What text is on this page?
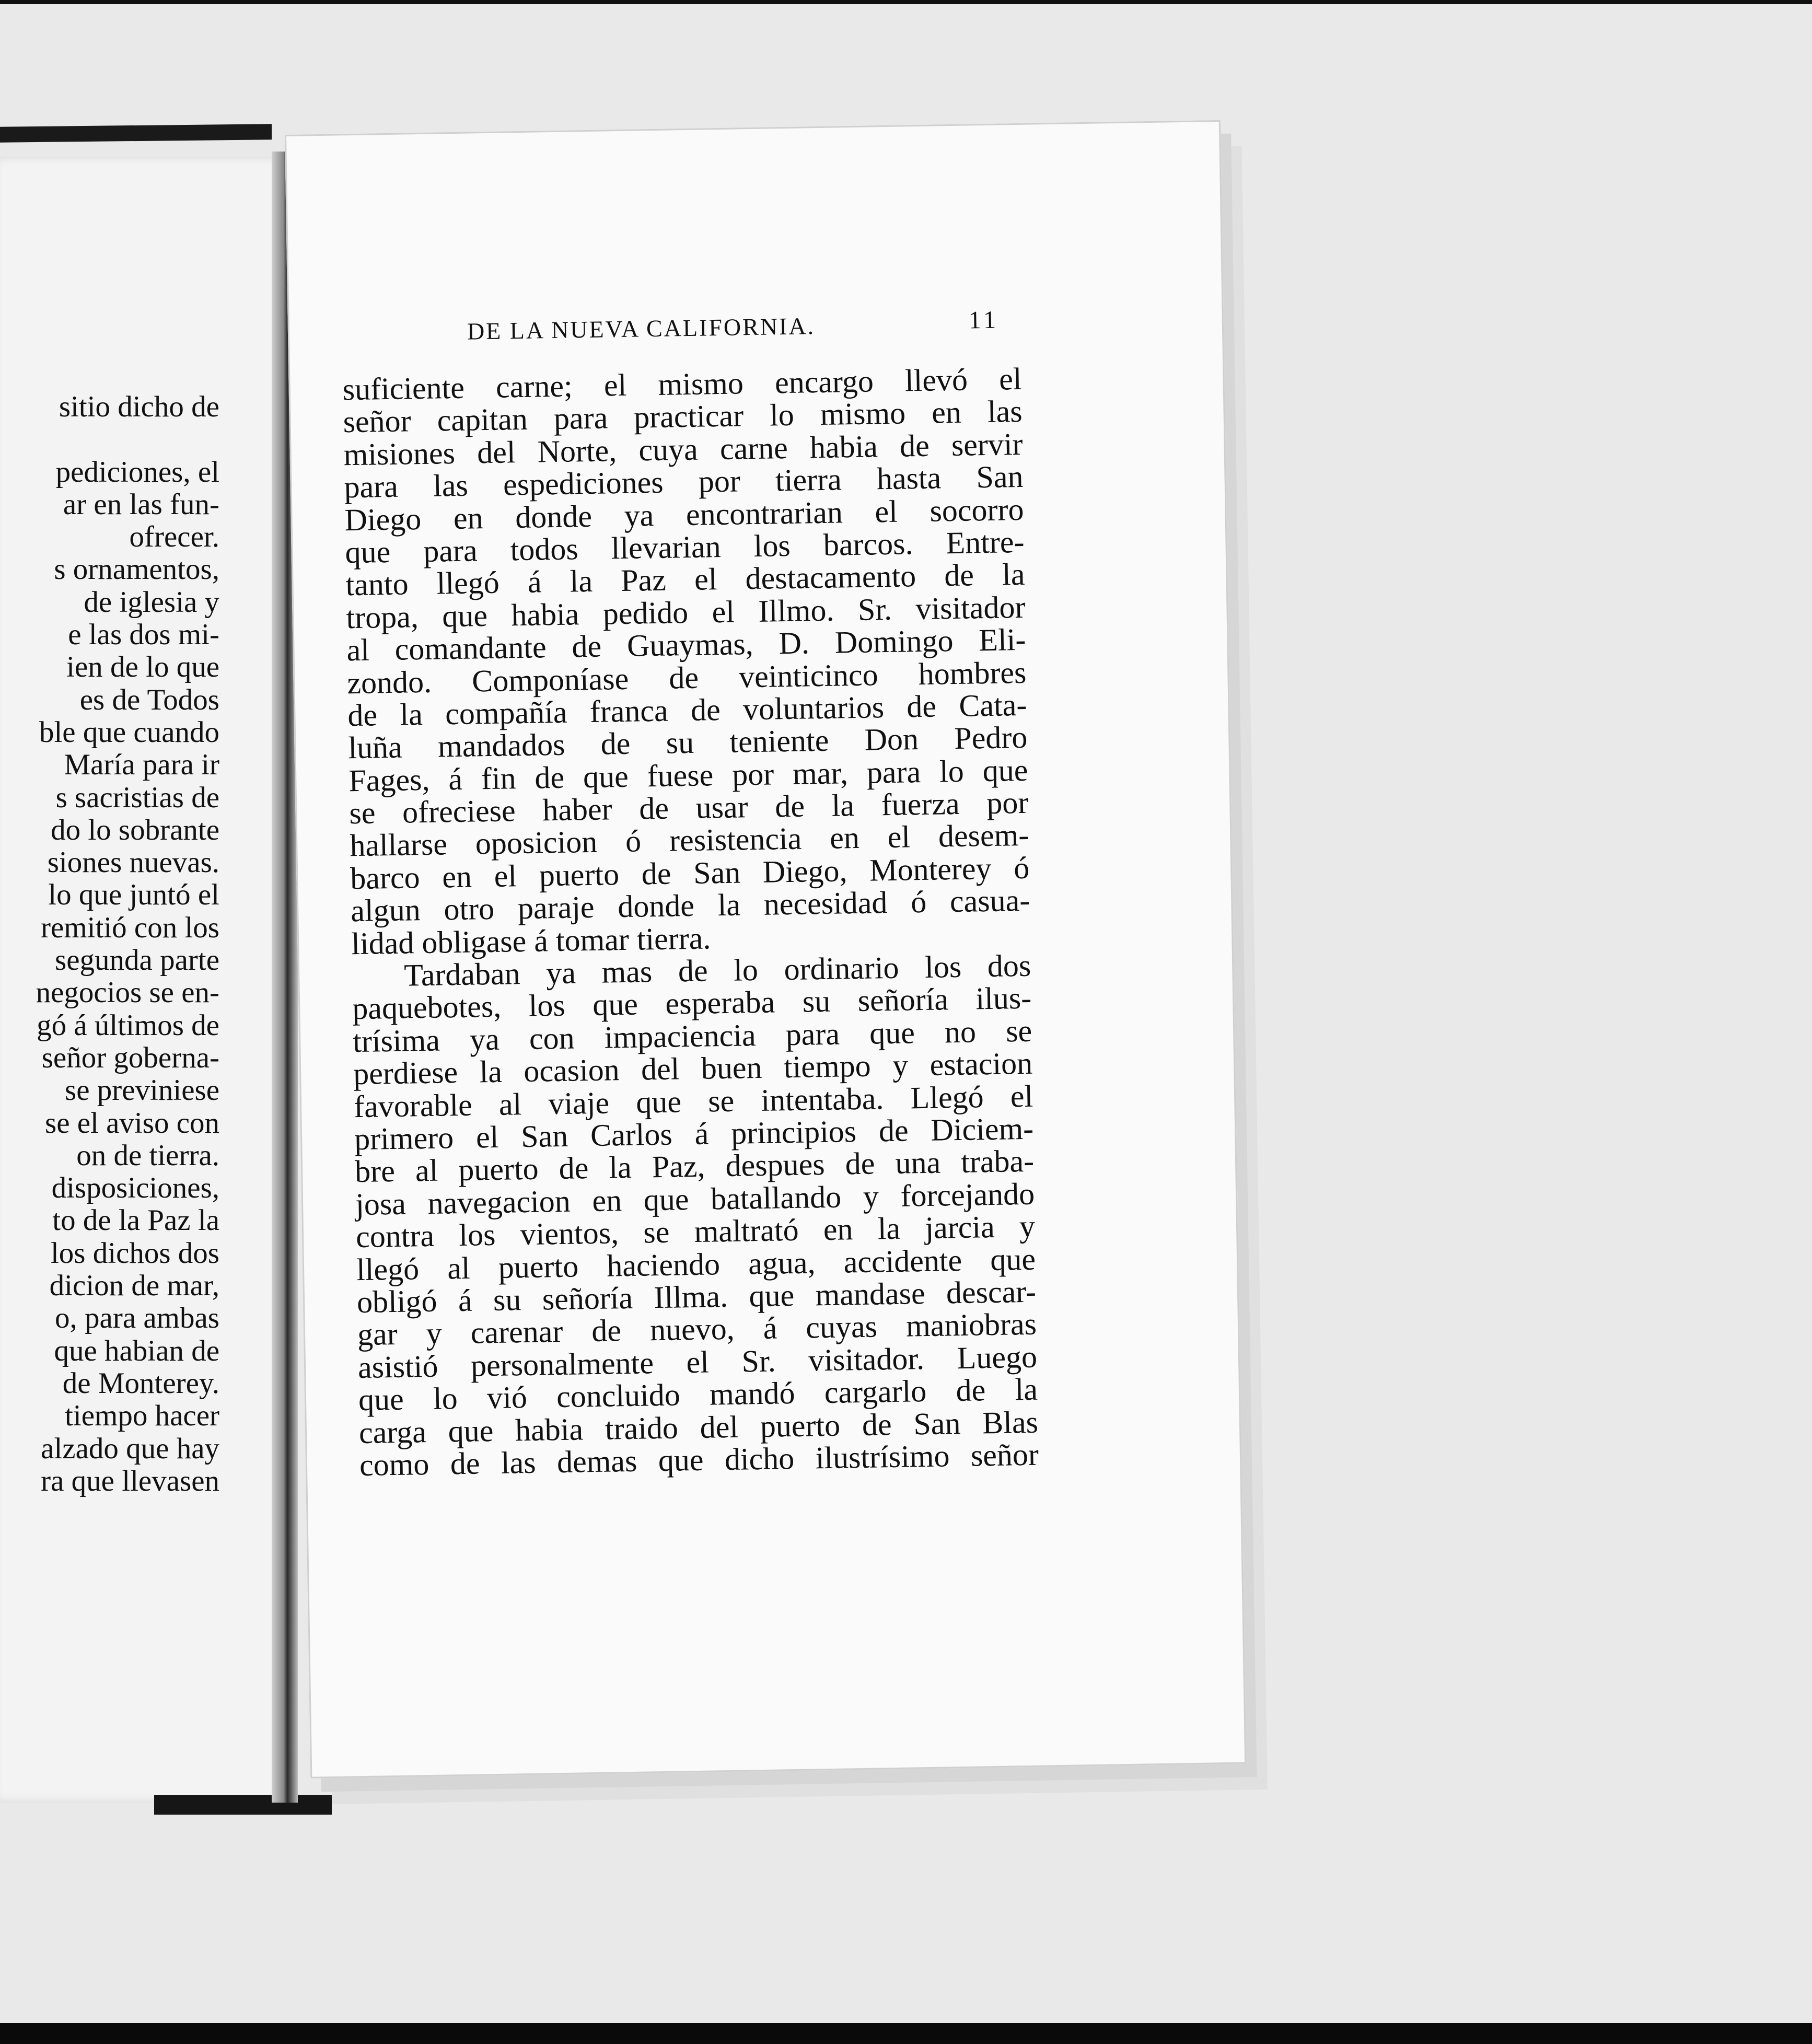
sitio dicho de
pediciones, el
ar en las fun-
ofrecer.
s ornamentos,
de iglesia y
e las dos mi-
ien de lo que
es de Todos
ble que cuando
María para ir
s sacristias de
do lo sobrante
siones nuevas.
lo que juntó el
remitió con los
segunda parte
negocios se en-
gó á últimos de
señor goberna-
se previniese
se el aviso con
on de tierra.
disposiciones,
to de la Paz la
los dichos dos
dicion de mar,
o, para ambas
que habian de
de Monterey.
tiempo hacer
alzado que hay
ra que llevasen
DE LA NUEVA CALIFORNIA.	11
suficiente carne; el mismo encargo llevó el
señor capitan para practicar lo mismo en las
misiones del Norte, cuya carne habia de servir
para las espediciones por tierra hasta San
Diego en donde ya encontrarian el socorro
que para todos llevarian los barcos. Entre-
tanto llegó á la Paz el destacamento de la
tropa, que habia pedido el Illmo. Sr. visitador
al comandante de Guaymas, D. Domingo Eli-
zondo. Componíase de veinticinco hombres
de la compañía franca de voluntarios de Cata-
luña mandados de su teniente Don Pedro
Fages, á fin de que fuese por mar, para lo que
se ofreciese haber de usar de la fuerza por
hallarse oposicion ó resistencia en el desem-
barco en el puerto de San Diego, Monterey ó
algun otro paraje donde la necesidad ó casua-
lidad obligase á tomar tierra.
Tardaban ya mas de lo ordinario los dos
paquebotes, los que esperaba su señoría ilus-
trísima ya con impaciencia para que no se
perdiese la ocasion del buen tiempo y estacion
favorable al viaje que se intentaba. Llegó el
primero el San Carlos á principios de Diciem-
bre al puerto de la Paz, despues de una traba-
josa navegacion en que batallando y forcejando
contra los vientos, se maltrató en la jarcia y
llegó al puerto haciendo agua, accidente que
obligó á su señoría Illma. que mandase descar-
gar y carenar de nuevo, á cuyas maniobras
asistió personalmente el Sr. visitador. Luego
que lo vió concluido mandó cargarlo de la
carga que habia traido del puerto de San Blas
como de las demas que dicho ilustrísimo señor
